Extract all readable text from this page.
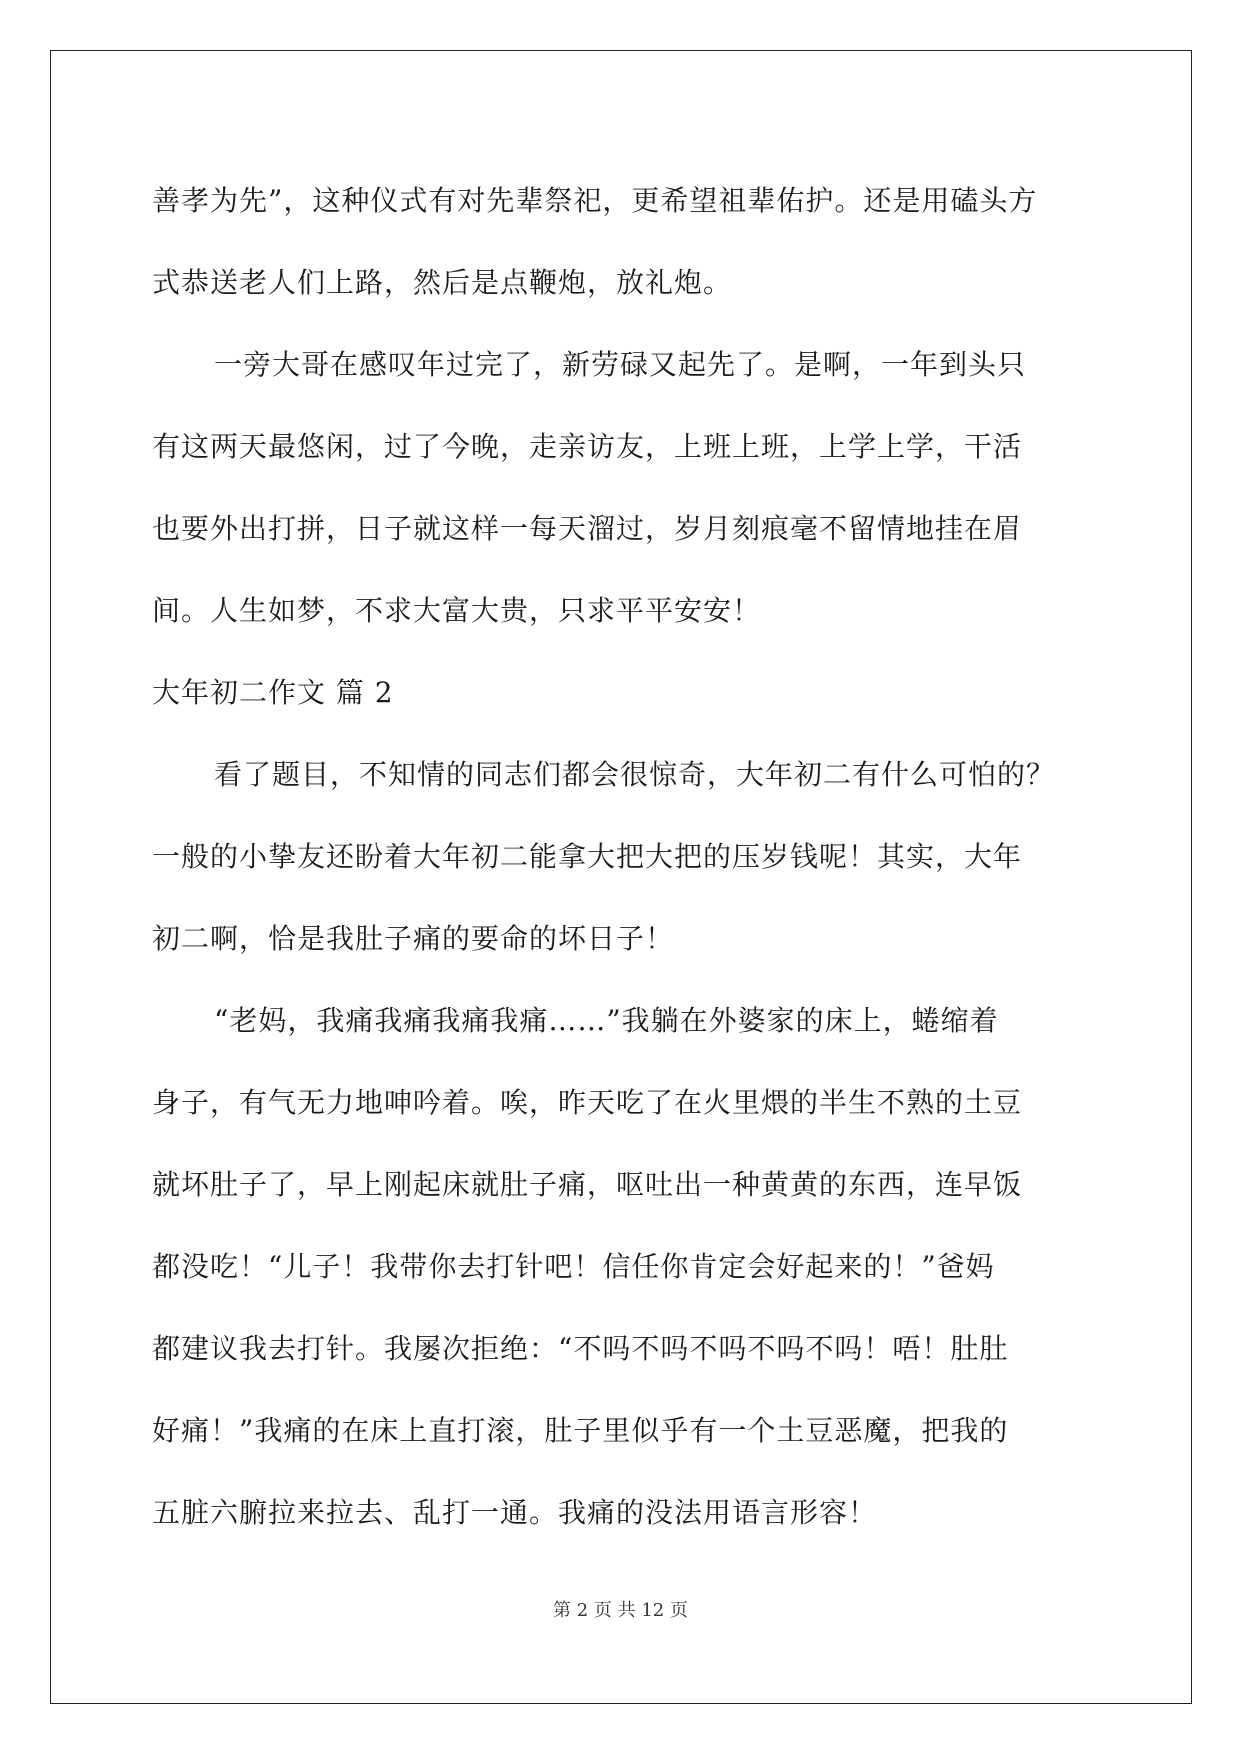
善孝为先”，这种仪式有对先辈祭祀，更希望祖辈佑护。还是用磕头方
式恭送老人们上路，然后是点鞭炮，放礼炮。
一旁大哥在感叹年过完了，新劳碌又起先了。是啊，一年到头只
有这两天最悠闲，过了今晚，走亲访友，上班上班，上学上学，干活
也要外出打拼，日子就这样一每天溜过，岁月刻痕毫不留情地挂在眉
间。人生如梦，不求大富大贵，只求平平安安！
大年初二作文 篇 2
看了题目，不知情的同志们都会很惊奇，大年初二有什么可怕的？
一般的小挚友还盼着大年初二能拿大把大把的压岁钱呢！其实，大年
初二啊，恰是我肚子痛的要命的坏日子！
“老妈，我痛我痛我痛我痛……”我躺在外婆家的床上，蜷缩着
身子，有气无力地呻吟着。唉，昨天吃了在火里煨的半生不熟的土豆
就坏肚子了，早上刚起床就肚子痛，呕吐出一种黄黄的东西，连早饭
都没吃！“儿子！我带你去打针吧！信任你肯定会好起来的！”爸妈
都建议我去打针。我屡次拒绝：“不吗不吗不吗不吗不吗！唔！肚肚
好痛！”我痛的在床上直打滚，肚子里似乎有一个土豆恶魔，把我的
五脏六腑拉来拉去、乱打一通。我痛的没法用语言形容！
第 2 页 共 12 页
